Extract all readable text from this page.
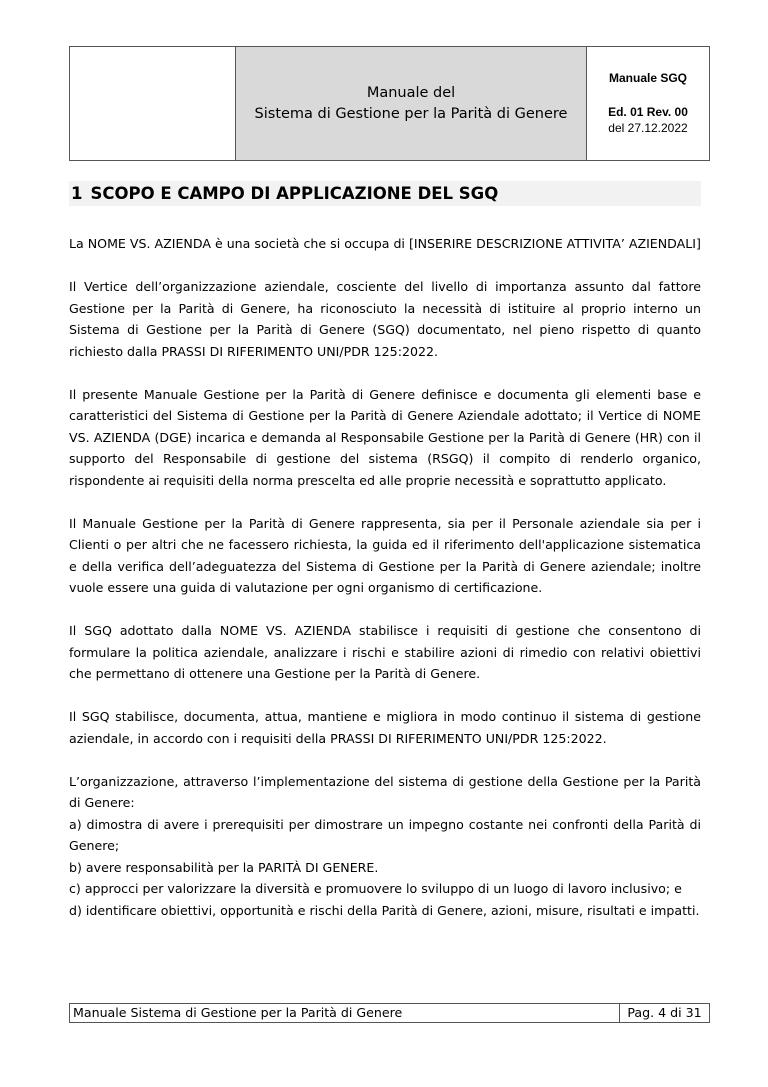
Manuale del
Sistema di Gestione per la Parità di Genere
Manuale SGQ
Ed. 01 Rev. 00
del 27.12.2022
1 SCOPO E CAMPO DI APPLICAZIONE DEL SGQ

La NOME VS. AZIENDA è una società che si occupa di [INSERIRE DESCRIZIONE ATTIVITA’ AZIENDALI]

Il Vertice dell’organizzazione aziendale, cosciente del livello di importanza assunto dal fattore Gestione per la Parità di Genere, ha riconosciuto la necessità di istituire al proprio interno un Sistema di Gestione per la Parità di Genere (SGQ) documentato, nel pieno rispetto di quanto richiesto dalla PRASSI DI RIFERIMENTO UNI/PDR 125:2022.

Il presente Manuale Gestione per la Parità di Genere definisce e documenta gli elementi base e caratteristici del Sistema di Gestione per la Parità di Genere Aziendale adottato; il Vertice di NOME VS. AZIENDA (DGE) incarica e demanda al Responsabile Gestione per la Parità di Genere (HR) con il supporto del Responsabile di gestione del sistema (RSGQ) il compito di renderlo organico, rispondente ai requisiti della norma prescelta ed alle proprie necessità e soprattutto applicato.

Il Manuale Gestione per la Parità di Genere rappresenta, sia per il Personale aziendale sia per i Clienti o per altri che ne facessero richiesta, la guida ed il riferimento dell'applicazione sistematica e della verifica dell’adeguatezza del Sistema di Gestione per la Parità di Genere aziendale; inoltre vuole essere una guida di valutazione per ogni organismo di certificazione.

Il SGQ adottato dalla NOME VS. AZIENDA stabilisce i requisiti di gestione che consentono di formulare la politica aziendale, analizzare i rischi e stabilire azioni di rimedio con relativi obiettivi che permettano di ottenere una Gestione per la Parità di Genere.

Il SGQ stabilisce, documenta, attua, mantiene e migliora in modo continuo il sistema di gestione aziendale, in accordo con i requisiti della PRASSI DI RIFERIMENTO UNI/PDR 125:2022.

L’organizzazione, attraverso l’implementazione del sistema di gestione della Gestione per la Parità di Genere:

a) dimostra di avere i prerequisiti per dimostrare un impegno costante nei confronti della Parità di Genere;

b) avere responsabilità per la PARITÀ DI GENERE.

c) approcci per valorizzare la diversità e promuovere lo sviluppo di un luogo di lavoro inclusivo; e

d) identificare obiettivi, opportunità e rischi della Parità di Genere, azioni, misure, risultati e impatti.

Manuale Sistema di Gestione per la Parità di Genere	Pag. 4 di 31
